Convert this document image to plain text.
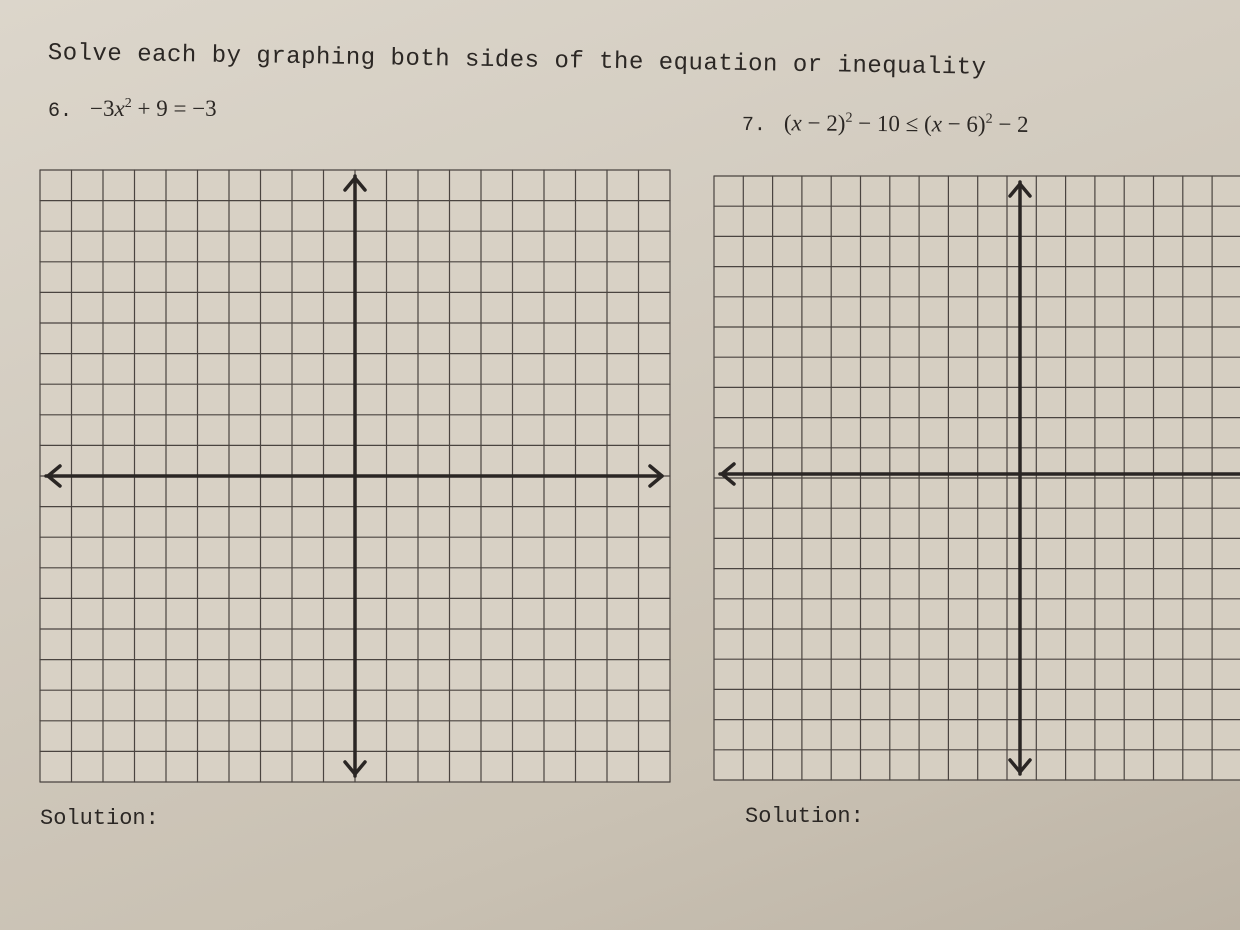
Solve each by graphing both sides of the equation or inequality
6. $-3x^2 + 9 = -3$
7. $(x - 2)^2 - 10 \le (x - 6)^2 - 2$
Solution:	Solution:
